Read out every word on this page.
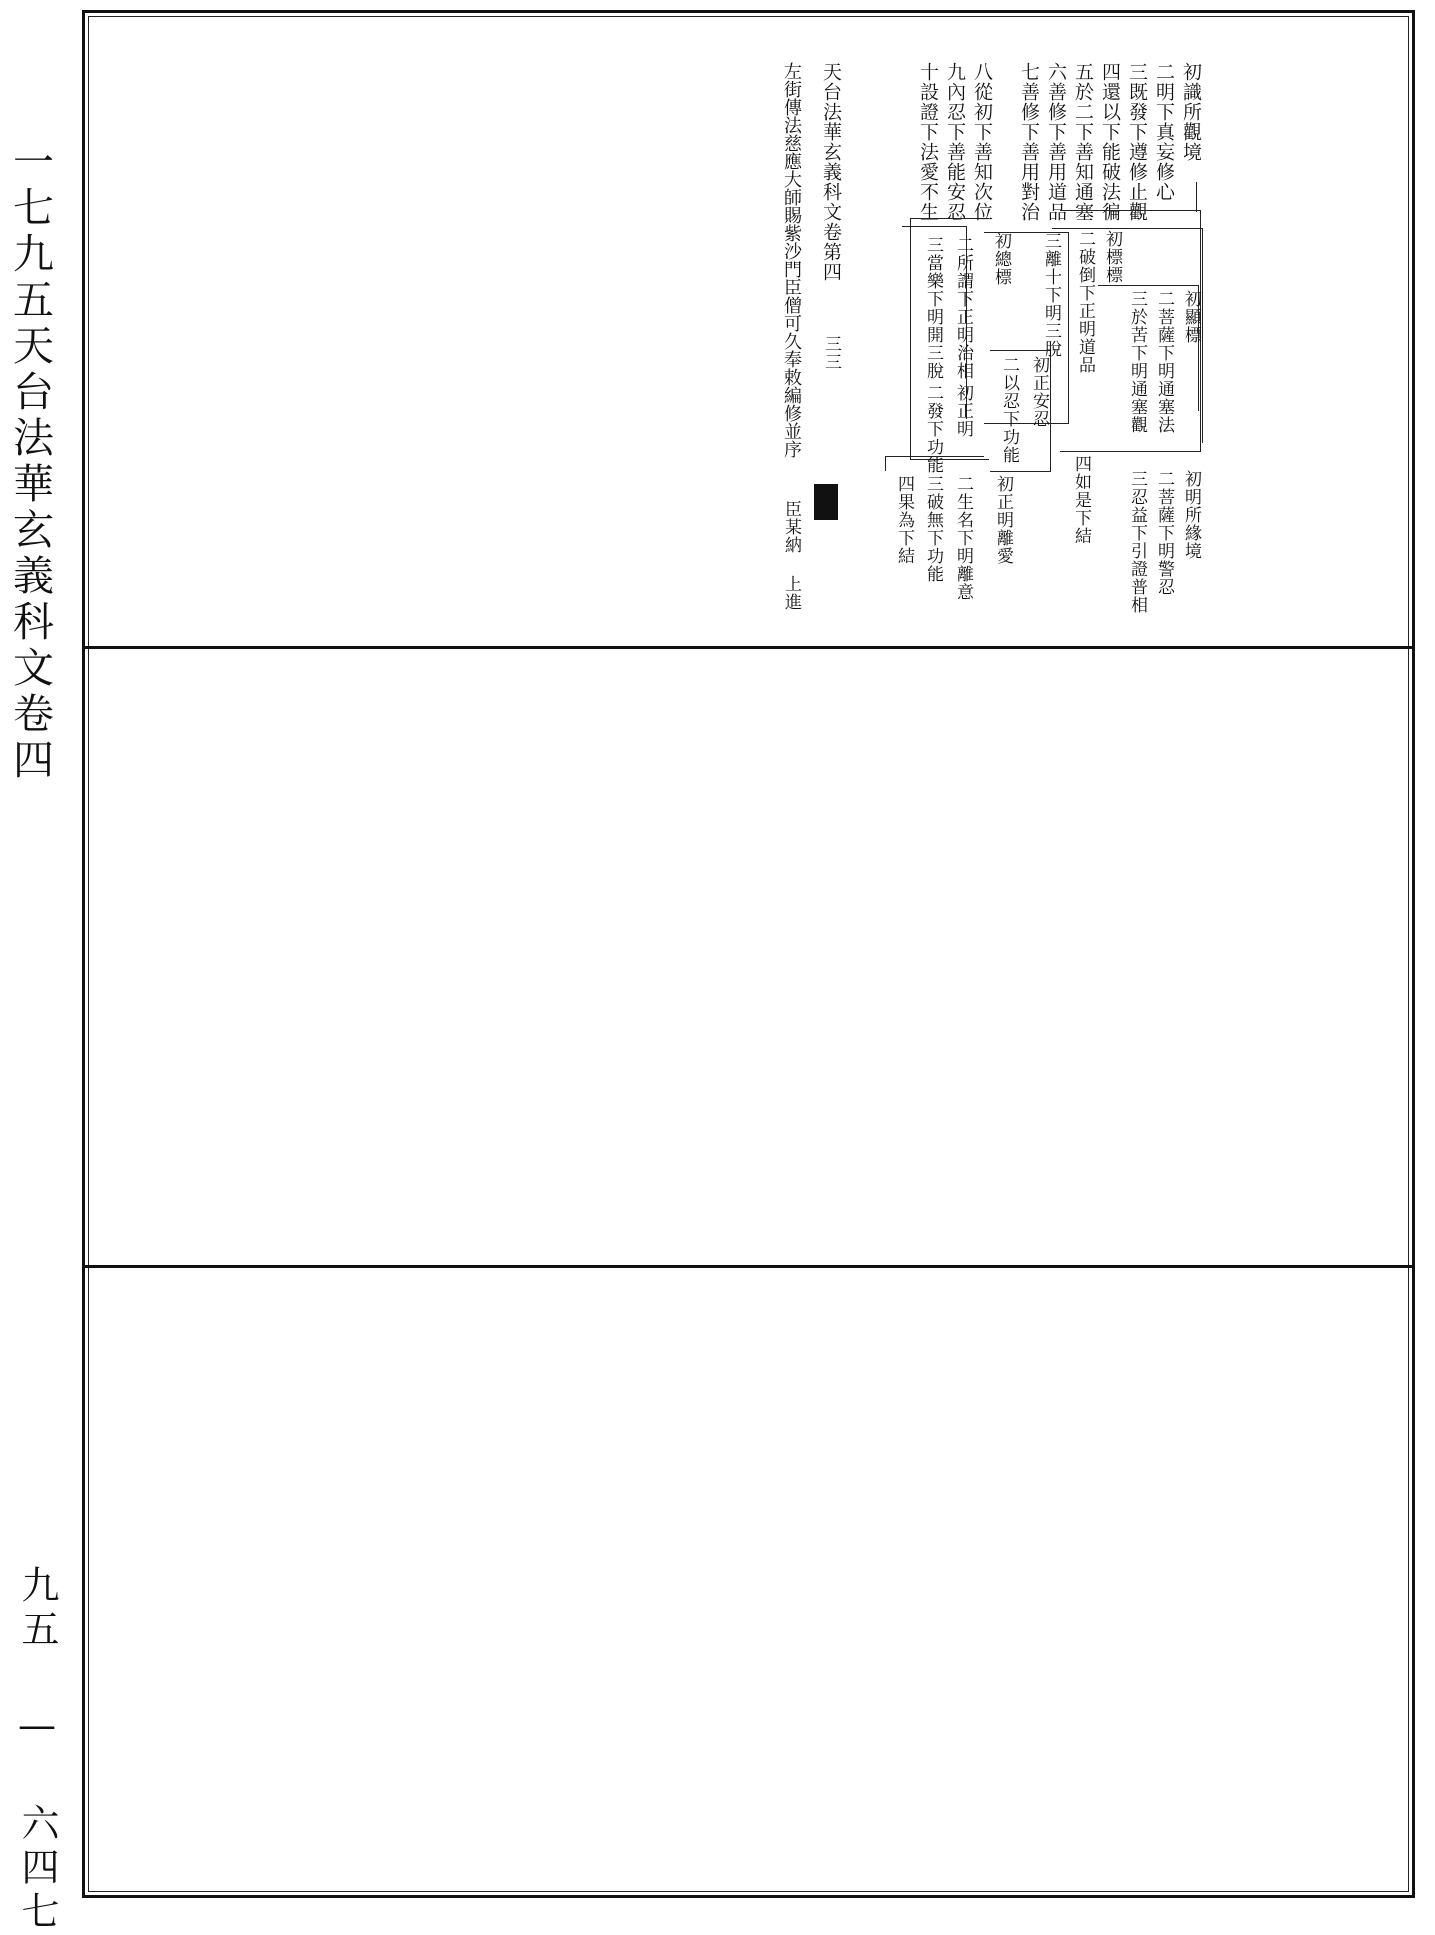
一七九五天台法華玄義科文卷四
九五 — 六四七
初識所觀境
二明下真妄修心
三既發下遵修止觀
四還以下能破法徧
五於二下善知通塞
六善修下善用道品
七善修下善用對治
八從初下善知次位
九內忍下善能安忍
十設證下法愛不生
初顯標
二菩薩下明通塞法
三於苦下明通塞觀
初標標
二破倒下正明道品
三離十下明三脫
初總標
初正安忍
二以忍下功能
二所謂下正明治相
三當樂下明開三脫
初正明
二發下功能
初明所緣境
二菩薩下明警忍
三忍益下引證普相
四如是下結
初正明離愛
二生名下明離意
三破無下功能
四果為下結
天台法華玄義科文卷第四
三三
左街傳法慈應大師賜紫沙門臣僧可久奉敕編修並序
臣某納 上進
